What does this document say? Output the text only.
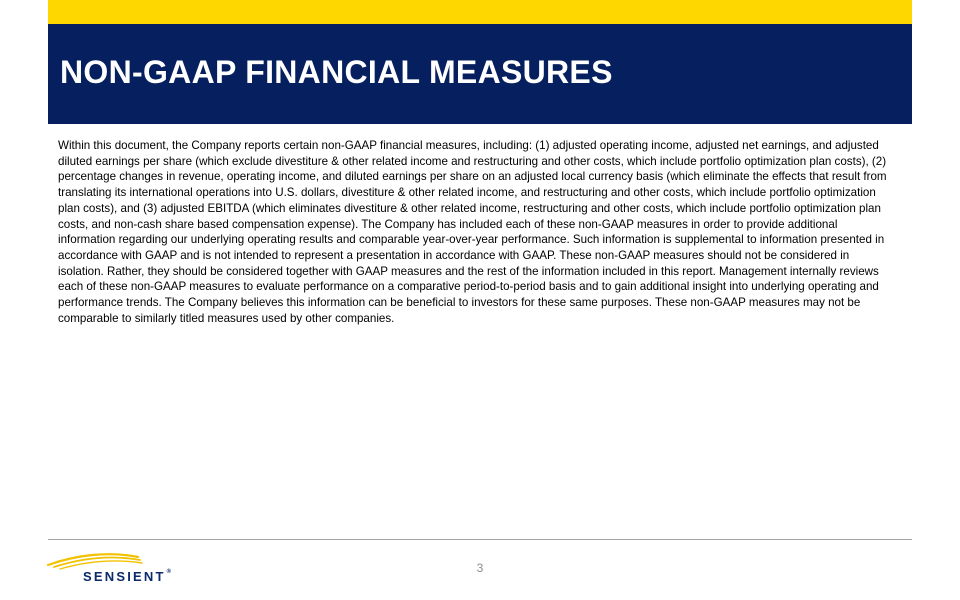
NON-GAAP FINANCIAL MEASURES

Within this document, the Company reports certain non-GAAP financial measures, including: (1) adjusted operating income, adjusted net earnings, and adjusted diluted earnings per share (which exclude divestiture & other related income and restructuring and other costs, which include portfolio optimization plan costs), (2) percentage changes in revenue, operating income, and diluted earnings per share on an adjusted local currency basis (which eliminate the effects that result from translating its international operations into U.S. dollars, divestiture & other related income, and restructuring and other costs, which include portfolio optimization plan costs), and (3) adjusted EBITDA (which eliminates divestiture & other related income, restructuring and other costs, which include portfolio optimization plan costs, and non-cash share based compensation expense). The Company has included each of these non-GAAP measures in order to provide additional information regarding our underlying operating results and comparable year-over-year performance. Such information is supplemental to information presented in accordance with GAAP and is not intended to represent a presentation in accordance with GAAP. These non-GAAP measures should not be considered in isolation. Rather, they should be considered together with GAAP measures and the rest of the information included in this report. Management internally reviews each of these non-GAAP measures to evaluate performance on a comparative period-to-period basis and to gain additional insight into underlying operating and performance trends. The Company believes this information can be beneficial to investors for these same purposes. These non-GAAP measures may not be comparable to similarly titled measures used by other companies.

3
SENSIENT®
